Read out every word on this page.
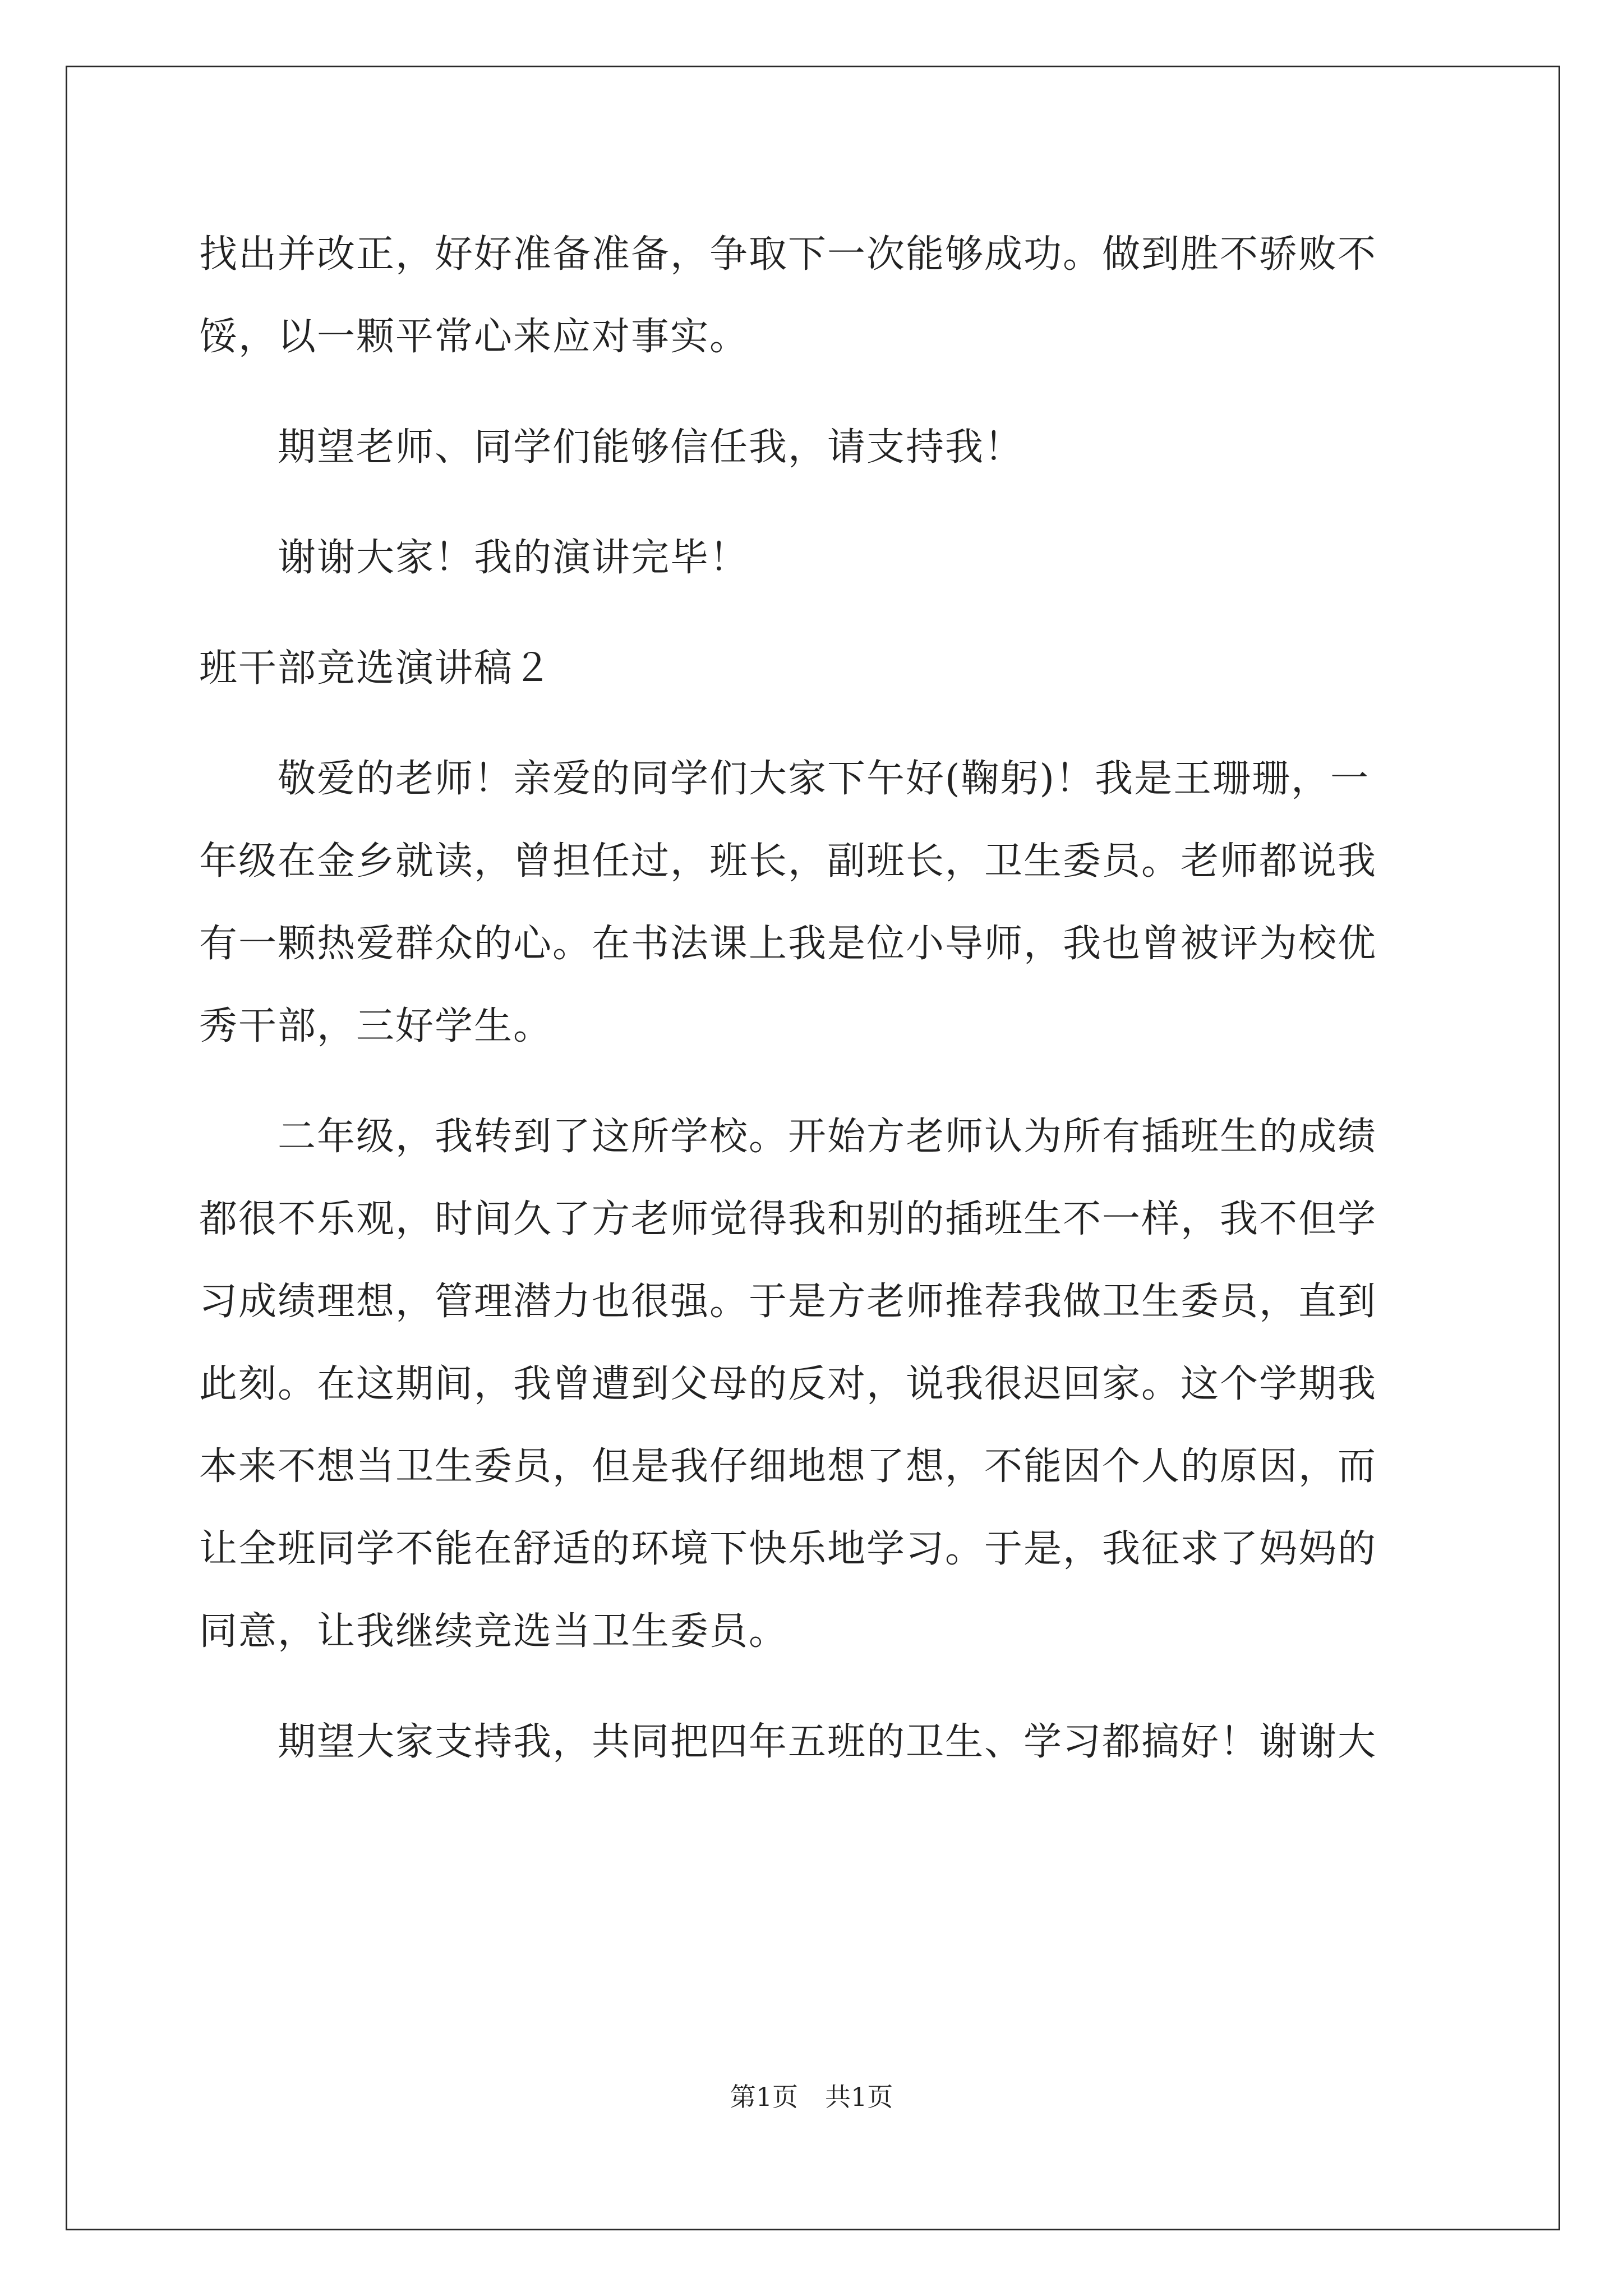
找出并改正，好好准备准备，争取下一次能够成功。做到胜不骄败不
馁，以一颗平常心来应对事实。
期望老师、同学们能够信任我，请支持我！
谢谢大家！我的演讲完毕！
班干部竞选演讲稿２
敬爱的老师！亲爱的同学们大家下午好(鞠躬)！我是王珊珊，一
年级在金乡就读，曾担任过，班长，副班长，卫生委员。老师都说我
有一颗热爱群众的心。在书法课上我是位小导师，我也曾被评为校优
秀干部，三好学生。
二年级，我转到了这所学校。开始方老师认为所有插班生的成绩
都很不乐观，时间久了方老师觉得我和别的插班生不一样，我不但学
习成绩理想，管理潜力也很强。于是方老师推荐我做卫生委员，直到
此刻。在这期间，我曾遭到父母的反对，说我很迟回家。这个学期我
本来不想当卫生委员，但是我仔细地想了想，不能因个人的原因，而
让全班同学不能在舒适的环境下快乐地学习。于是，我征求了妈妈的
同意，让我继续竞选当卫生委员。
期望大家支持我，共同把四年五班的卫生、学习都搞好！谢谢大
第1页 共1页
